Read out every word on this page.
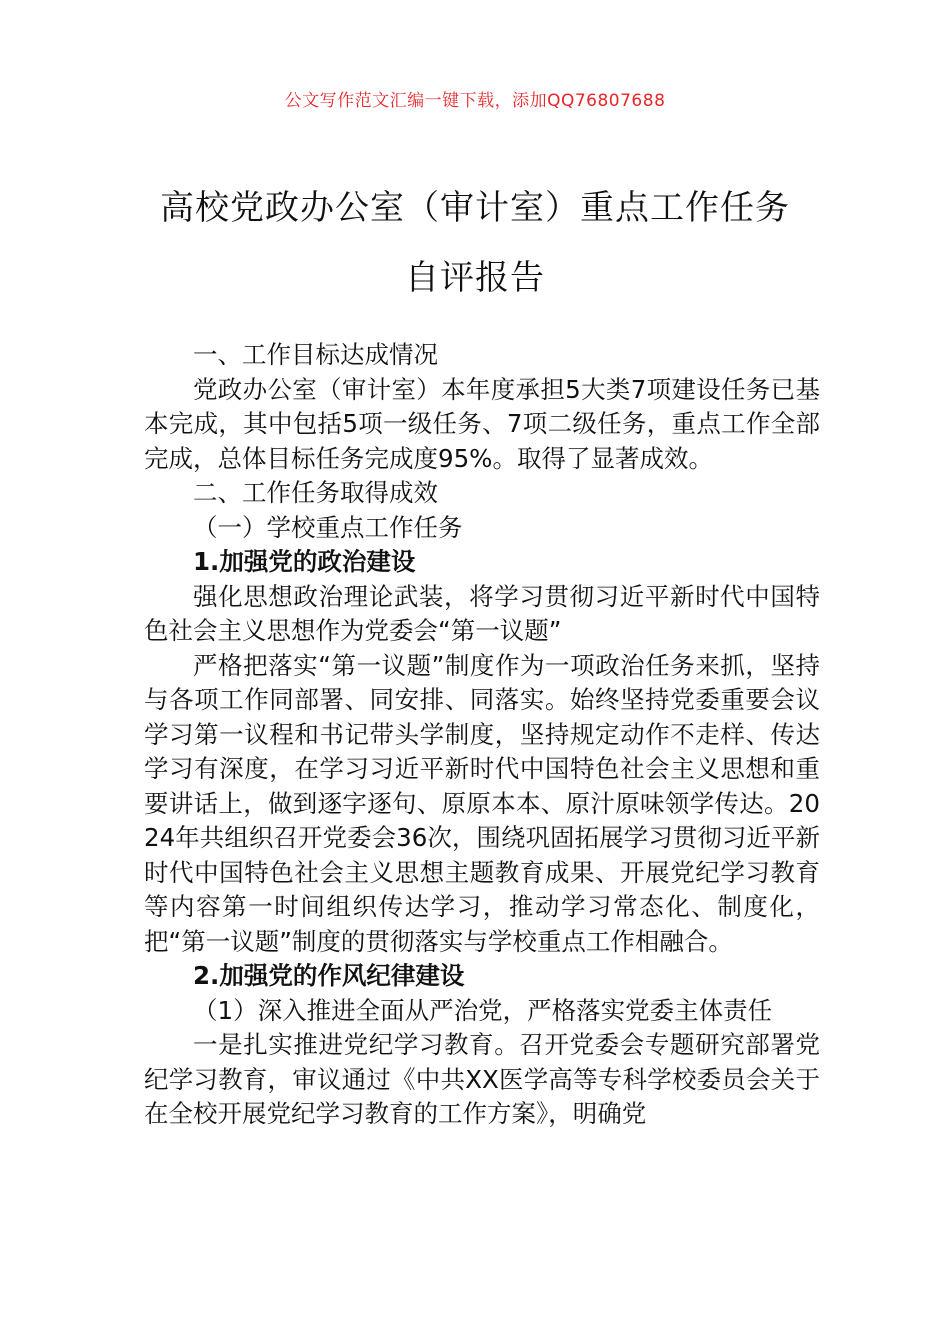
公文写作范文汇编一键下载，添加QQ76807688
高校党政办公室（审计室）重点工作任务
自评报告

一、工作目标达成情况

党政办公室（审计室）本年度承担5大类7项建设任务已基本完成，其中包括5项一级任务、7项二级任务，重点工作全部完成，总体目标任务完成度95%。取得了显著成效。

二、工作任务取得成效

（一）学校重点工作任务

1.加强党的政治建设

强化思想政治理论武装，将学习贯彻习近平新时代中国特色社会主义思想作为党委会“第一议题”

严格把落实“第一议题”制度作为一项政治任务来抓，坚持与各项工作同部署、同安排、同落实。始终坚持党委重要会议学习第一议程和书记带头学制度，坚持规定动作不走样、传达学习有深度，在学习习近平新时代中国特色社会主义思想和重要讲话上，做到逐字逐句、原原本本、原汁原味领学传达。2024年共组织召开党委会36次，围绕巩固拓展学习贯彻习近平新时代中国特色社会主义思想主题教育成果、开展党纪学习教育等内容第一时间组织传达学习，推动学习常态化、制度化，把“第一议题”制度的贯彻落实与学校重点工作相融合。

2.加强党的作风纪律建设

（1）深入推进全面从严治党，严格落实党委主体责任

一是扎实推进党纪学习教育。召开党委会专题研究部署党纪学习教育，审议通过《中共XX医学高等专科学校委员会关于在全校开展党纪学习教育的工作方案》，明确党
